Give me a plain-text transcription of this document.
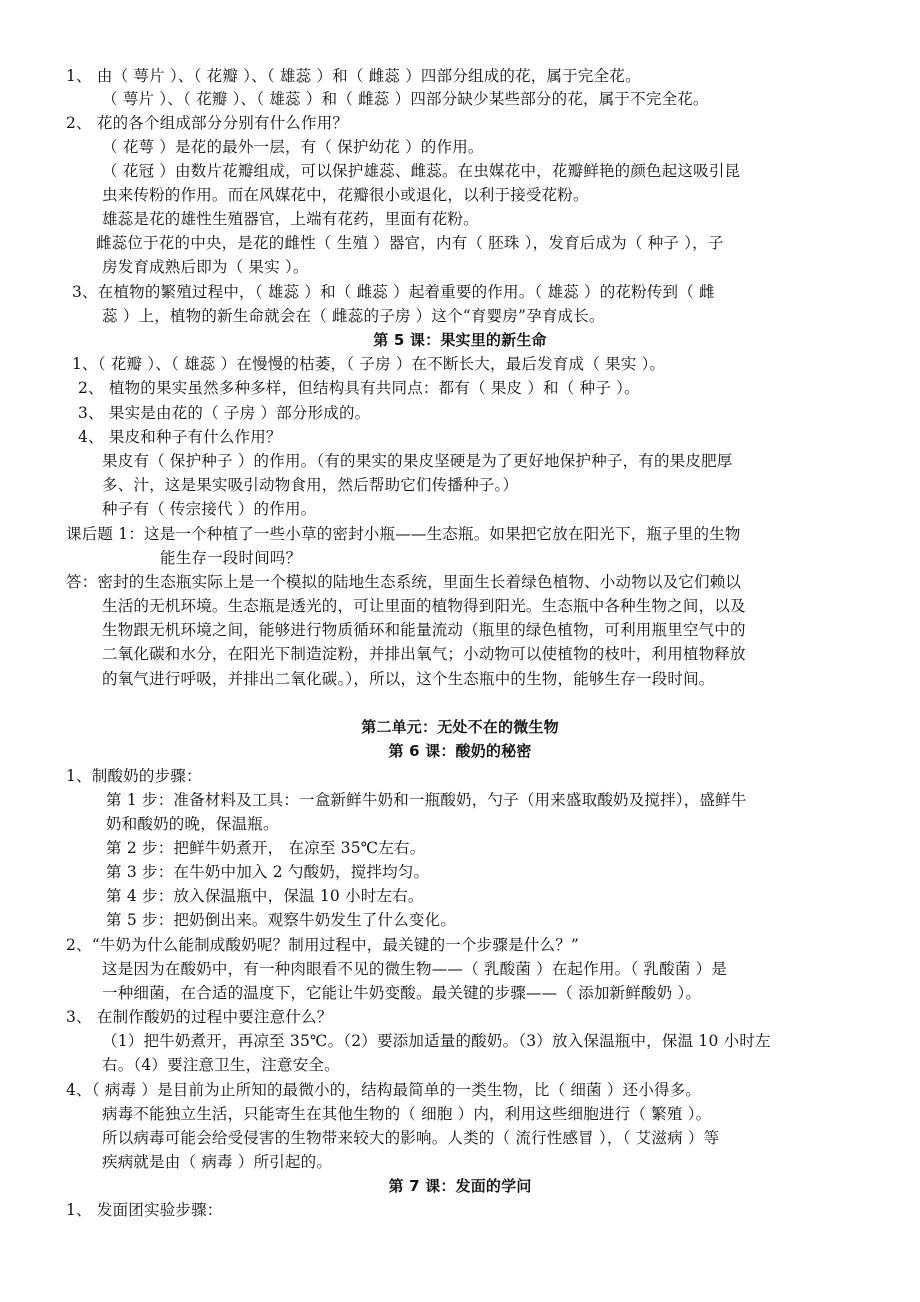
1、 由（ 萼片 ）、（ 花瓣 ）、（ 雄蕊 ）和（ 雌蕊 ）四部分组成的花，属于完全花。
（ 萼片 ）、（ 花瓣 ）、（ 雄蕊 ）和（ 雌蕊 ）四部分缺少某些部分的花，属于不完全花。
2、 花的各个组成部分分别有什么作用？
（ 花萼 ）是花的最外一层，有（ 保护幼花 ）的作用。
（ 花冠 ）由数片花瓣组成，可以保护雄蕊、雌蕊。在虫媒花中，花瓣鲜艳的颜色起这吸引昆
虫来传粉的作用。而在风媒花中，花瓣很小或退化，以利于接受花粉。
雄蕊是花的雄性生殖器官，上端有花药，里面有花粉。
雌蕊位于花的中央，是花的雌性（ 生殖 ）器官，内有（ 胚珠 ），发育后成为（ 种子 ），子
房发育成熟后即为（ 果实 ）。
3、在植物的繁殖过程中，（ 雄蕊 ）和（ 雌蕊 ）起着重要的作用。（ 雄蕊 ）的花粉传到（ 雌
蕊 ）上，植物的新生命就会在（ 雌蕊的子房 ）这个“育婴房”孕育成长。
第 5 课：果实里的新生命
1、（ 花瓣 ）、（ 雄蕊 ）在慢慢的枯萎，（ 子房 ）在不断长大，最后发育成（ 果实 ）。
2、 植物的果实虽然多种多样，但结构具有共同点：都有（ 果皮 ）和（ 种子 ）。
3、 果实是由花的（ 子房 ）部分形成的。
4、 果皮和种子有什么作用？
果皮有（ 保护种子 ）的作用。（有的果实的果皮坚硬是为了更好地保护种子，有的果皮肥厚
多、汁，这是果实吸引动物食用，然后帮助它们传播种子。）
种子有（ 传宗接代 ）的作用。
课后题 1：这是一个种植了一些小草的密封小瓶——生态瓶。如果把它放在阳光下，瓶子里的生物
能生存一段时间吗？
答：密封的生态瓶实际上是一个模拟的陆地生态系统，里面生长着绿色植物、小动物以及它们赖以
生活的无机环境。生态瓶是透光的，可让里面的植物得到阳光。生态瓶中各种生物之间，以及
生物跟无机环境之间，能够进行物质循环和能量流动（瓶里的绿色植物，可利用瓶里空气中的
二氧化碳和水分，在阳光下制造淀粉，并排出氧气；小动物可以使植物的枝叶，利用植物释放
的氧气进行呼吸，并排出二氧化碳。），所以，这个生态瓶中的生物，能够生存一段时间。
第二单元：无处不在的微生物
第 6 课：酸奶的秘密
1、制酸奶的步骤：
第 1 步：准备材料及工具：一盒新鲜牛奶和一瓶酸奶，勺子（用来盛取酸奶及搅拌），盛鲜牛
奶和酸奶的晚，保温瓶。
第 2 步：把鲜牛奶煮开， 在凉至 35℃左右。
第 3 步：在牛奶中加入 2 勺酸奶，搅拌均匀。
第 4 步：放入保温瓶中，保温 10 小时左右。
第 5 步：把奶倒出来。观察牛奶发生了什么变化。
2、“牛奶为什么能制成酸奶呢？制用过程中，最关键的一个步骤是什么？”
这是因为在酸奶中，有一种肉眼看不见的微生物——（ 乳酸菌 ）在起作用。（ 乳酸菌 ）是
一种细菌，在合适的温度下，它能让牛奶变酸。最关键的步骤——（ 添加新鲜酸奶 ）。
3、 在制作酸奶的过程中要注意什么？
（1）把牛奶煮开，再凉至 35℃。（2）要添加适量的酸奶。（3）放入保温瓶中，保温 10 小时左
右。（4）要注意卫生，注意安全。
4、（ 病毒 ）是目前为止所知的最微小的，结构最简单的一类生物，比（ 细菌 ）还小得多。
病毒不能独立生活，只能寄生在其他生物的（ 细胞 ）内，利用这些细胞进行（ 繁殖 ）。
所以病毒可能会给受侵害的生物带来较大的影响。人类的（ 流行性感冒 ），（ 艾滋病 ）等
疾病就是由（ 病毒 ）所引起的。
第 7 课：发面的学问
1、 发面团实验步骤：
